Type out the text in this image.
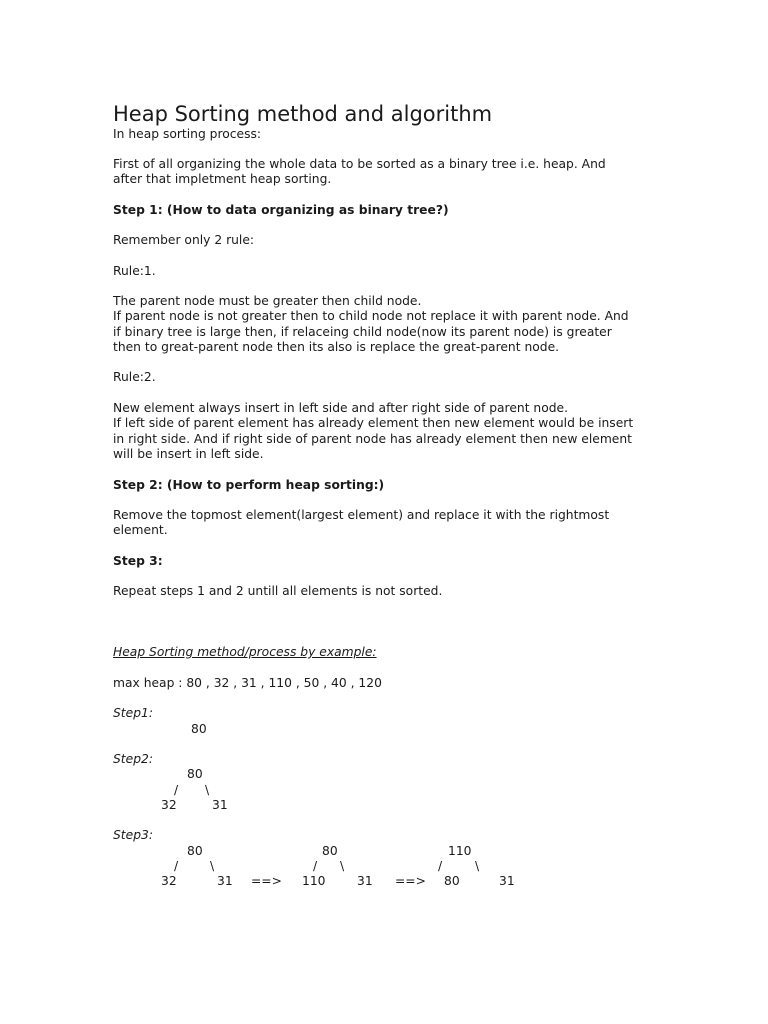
Heap Sorting method and algorithm
In heap sorting process:
First of all organizing the whole data to be sorted as a binary tree i.e. heap. And
after that impletment heap sorting.
Step 1: (How to data organizing as binary tree?)
Remember only 2 rule:
Rule:1.
The parent node must be greater then child node.
If parent node is not greater then to child node not replace it with parent node. And
if binary tree is large then, if relaceing child node(now its parent node) is greater
then to great-parent node then its also is replace the great-parent node.
Rule:2.
New element always insert in left side and after right side of parent node.
If left side of parent element has already element then new element would be insert
in right side. And if right side of parent node has already element then new element
will be insert in left side.
Step 2: (How to perform heap sorting:)
Remove the topmost element(largest element) and replace it with the rightmost
element.
Step 3:
Repeat steps 1 and 2 untill all elements is not sorted.
Heap Sorting method/process by example:
max heap : 80 , 32 , 31 , 110 , 50 , 40 , 120
Step1:
80
Step2:
80
/ \
32	31
Step3:
80
/	\
32	31 ==>
80
/ \
110	31 ==>
110
/	\
80	31
